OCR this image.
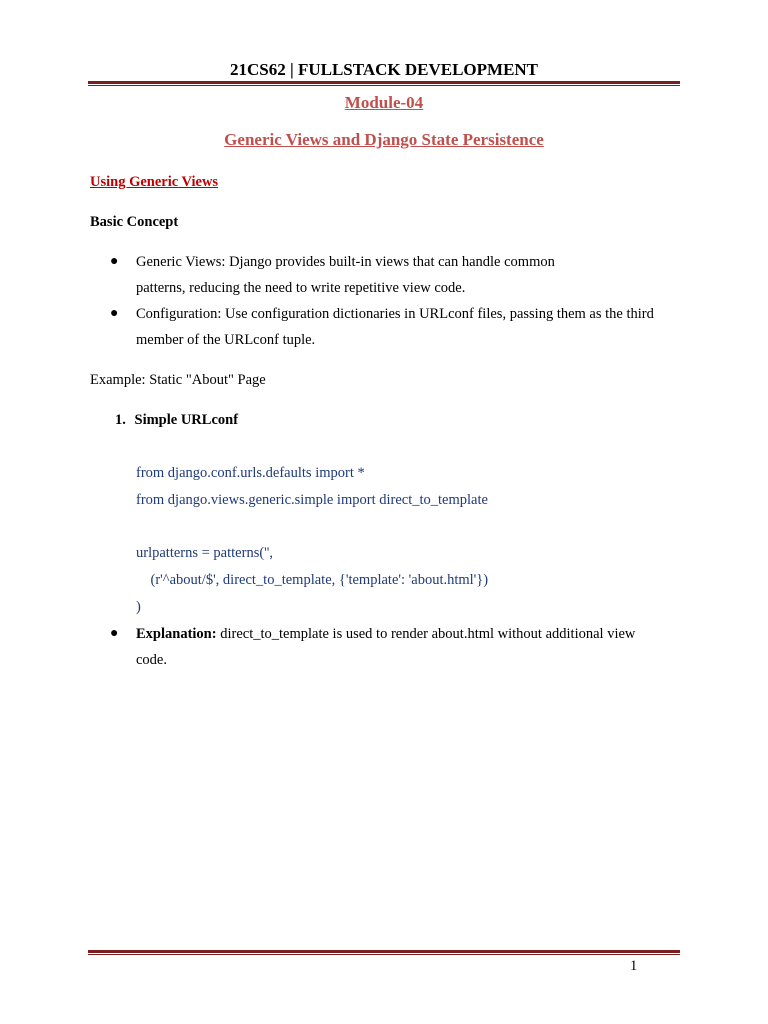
21CS62 | FULLSTACK DEVELOPMENT
Module-04
Generic Views and Django State Persistence
Using Generic Views
Basic Concept
● Generic Views: Django provides built-in views that can handle common
patterns, reducing the need to write repetitive view code.
● Configuration: Use configuration dictionaries in URLconf files, passing them as the third
member of the URLconf tuple.
Example: Static "About" Page
1. Simple URLconf
from django.conf.urls.defaults import *
from django.views.generic.simple import direct_to_template

urlpatterns = patterns('',
(r'^about/$', direct_to_template, {'template': 'about.html'})
)
● Explanation: direct_to_template is used to render about.html without additional view
code.
1
